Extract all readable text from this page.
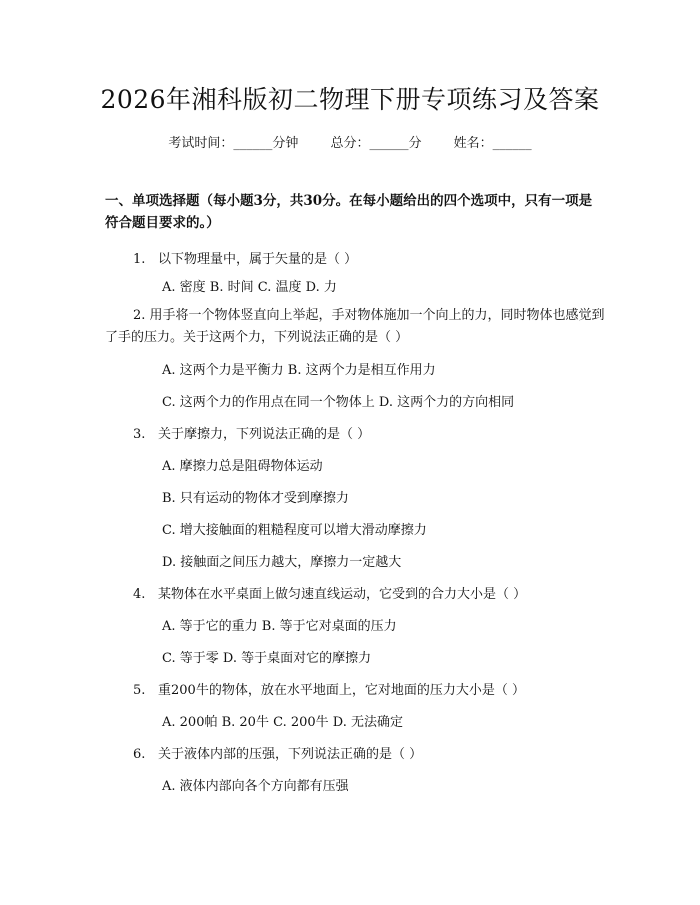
2026年湘科版初二物理下册专项练习及答案
考试时间：______分钟 总分：______分 姓名：______
一、单项选择题（每小题3分，共30分。在每小题给出的四个选项中，只有一项是符合题目要求的。）
1. 以下物理量中，属于矢量的是（ ）
A. 密度 B. 时间 C. 温度 D. 力
2. 用手将一个物体竖直向上举起，手对物体施加一个向上的力，同时物体也感觉到了手的压力。关于这两个力，下列说法正确的是（ ）
A. 这两个力是平衡力 B. 这两个力是相互作用力
C. 这两个力的作用点在同一个物体上 D. 这两个力的方向相同
3. 关于摩擦力，下列说法正确的是（ ）
A. 摩擦力总是阻碍物体运动
B. 只有运动的物体才受到摩擦力
C. 增大接触面的粗糙程度可以增大滑动摩擦力
D. 接触面之间压力越大，摩擦力一定越大
4. 某物体在水平桌面上做匀速直线运动，它受到的合力大小是（ ）
A. 等于它的重力 B. 等于它对桌面的压力
C. 等于零 D. 等于桌面对它的摩擦力
5. 重200牛的物体，放在水平地面上，它对地面的压力大小是（ ）
A. 200帕 B. 20牛 C. 200牛 D. 无法确定
6. 关于液体内部的压强，下列说法正确的是（ ）
A. 液体内部向各个方向都有压强
